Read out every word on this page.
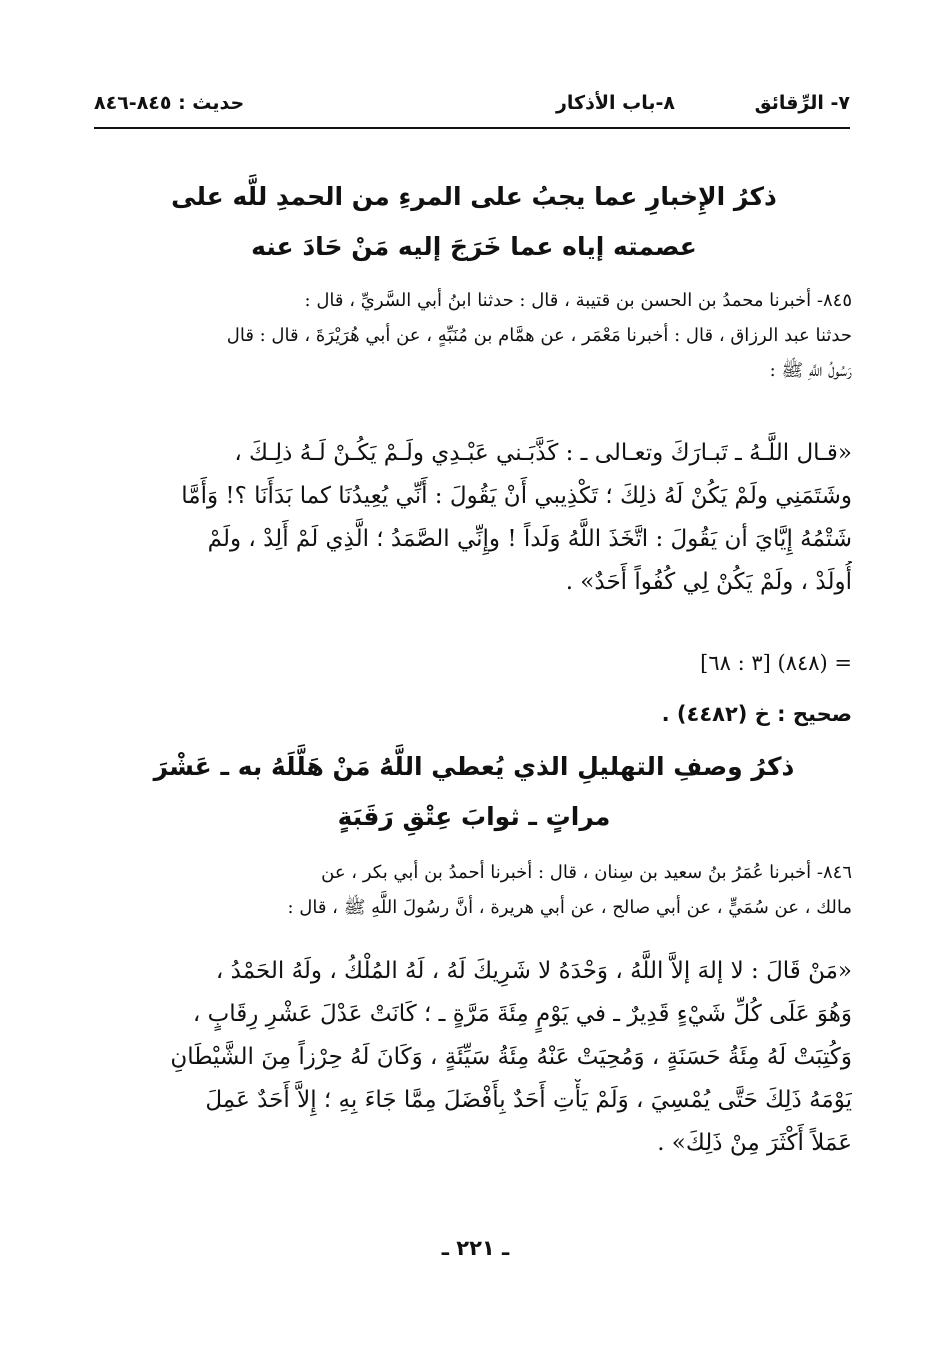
٧- الرِّقائق
٨-باب الأذكار
حديث : ٨٤٥-٨٤٦
ذكرُ الإِخبارِ عما يجبُ على المرءِ من الحمدِ للَّه على
عصمته إياه عما خَرَجَ إليه مَنْ حَادَ عنه
٨٤٥- أخبرنا محمدُ بن الحسن بن قتيبة ، قال : حدثنا ابنُ أبي السَّريِّ ، قال :
حدثنا عبد الرزاق ، قال : أخبرنا مَعْمَر ، عن همَّام بن مُنَبِّهٍ ، عن أبي هُرَيْرَةَ ، قال : قال
رَسُولُ اللَّهِ ﷺ :
«قـال اللَّـهُ ـ تَبـارَكَ وتعـالى ـ : كَذَّبَـني عَبْـدِي ولَـمْ يَكُـنْ لَـهُ ذلِـكَ ،
وشَتَمَنِي ولَمْ يَكُنْ لَهُ ذلِكَ ؛ تَكْذِيبي أَنْ يَقُولَ : أَنِّي يُعِيدُنَا كما بَدَأَنَا ؟! وَأَمَّا
شَتْمُهُ إِيَّايَ أن يَقُولَ : اتَّخَذَ اللَّهُ وَلَداً ! وإِنِّي الصَّمَدُ ؛ الَّذِي لَمْ أَلِدْ ، ولَمْ
أُولَدْ ، ولَمْ يَكُنْ لِي كُفُواً أَحَدٌ» .
= (٨٤٨) [٣ : ٦٨]
صحيح : خ (٤٤٨٢) .
ذكرُ وصفِ التهليلِ الذي يُعطي اللَّهُ مَنْ هَلَّلَهُ به ـ عَشْرَ
مراتٍ ـ ثوابَ عِتْقِ رَقَبَةٍ
٨٤٦- أخبرنا عُمَرُ بنُ سعيد بن سِنان ، قال : أخبرنا أحمدُ بن أبي بكر ، عن
مالك ، عن سُمَيٍّ ، عن أبي صالح ، عن أبي هريرة ، أنَّ رسُولَ اللَّهِ ﷺ ، قال :
«مَنْ قَالَ : لا إلهَ إلاَّ اللَّهُ ، وَحْدَهُ لا شَرِيكَ لَهُ ، لَهُ المُلْكُ ، ولَهُ الحَمْدُ ،
وَهُوَ عَلَى كُلِّ شَيْءٍ قَدِيرٌ ـ في يَوْمٍ مِئَةَ مَرَّةٍ ـ ؛ كَانَتْ عَدْلَ عَشْرِ رِقَابٍ ،
وَكُتِبَتْ لَهُ مِئَةُ حَسَنَةٍ ، وَمُحِيَتْ عَنْهُ مِئَةُ سَيِّئَةٍ ، وَكَانَ لَهُ حِرْزاً مِنَ الشَّيْطَانِ
يَوْمَهُ ذَلِكَ حَتَّى يُمْسِيَ ، وَلَمْ يَأْتِ أَحَدٌ بِأَفْضَلَ مِمَّا جَاءَ بِهِ ؛ إِلاَّ أَحَدٌ عَمِلَ
عَمَلاً أَكْثَرَ مِنْ ذَلِكَ» .
ـ ٢٢١ ـ
